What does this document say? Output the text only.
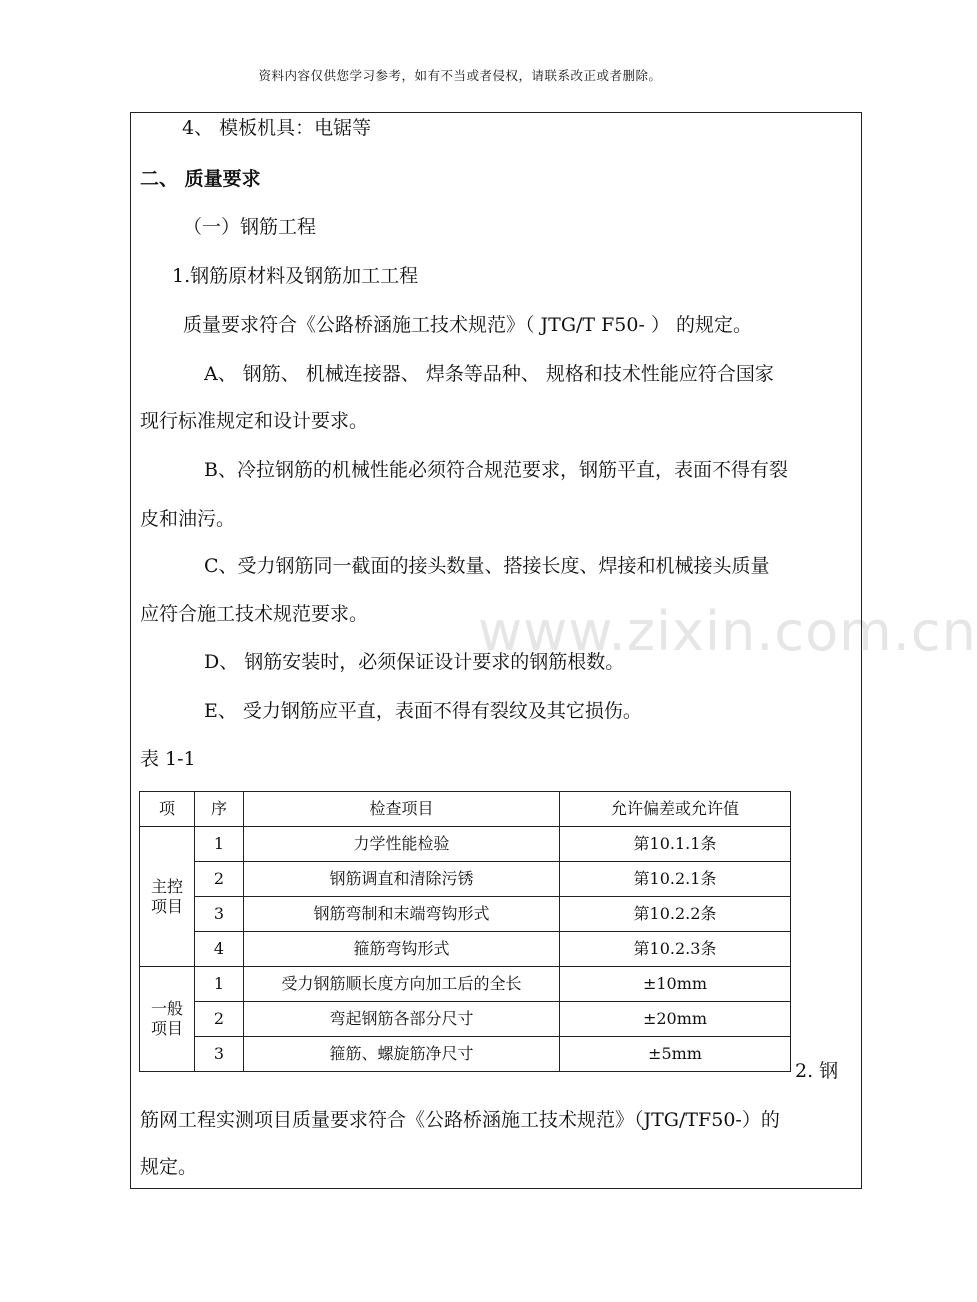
资料内容仅供您学习参考，如有不当或者侵权，请联系改正或者删除。
www.zixin.com.cn
4、 模板机具：电锯等
二、 质量要求
（一）钢筋工程
1.钢筋原材料及钢筋加工工程
质量要求符合《公路桥涵施工技术规范》（ JTG/T F50- ） 的规定。
A、 钢筋、 机械连接器、 焊条等品种、 规格和技术性能应符合国家
现行标准规定和设计要求。
B、冷拉钢筋的机械性能必须符合规范要求，钢筋平直，表面不得有裂
皮和油污。
C、受力钢筋同一截面的接头数量、搭接长度、焊接和机械接头质量
应符合施工技术规范要求。
D、 钢筋安装时，必须保证设计要求的钢筋根数。
E、 受力钢筋应平直，表面不得有裂纹及其它损伤。
表 1-1
项	序	检查项目	允许偏差或允许值
主控
项目	1	力学性能检验	第10.1.1条
	2	钢筋调直和清除污锈	第10.2.1条
	3	钢筋弯制和末端弯钩形式	第10.2.2条
	4	箍筋弯钩形式	第10.2.3条
一般
项目	1	受力钢筋顺长度方向加工后的全长	±10mm
	2	弯起钢筋各部分尺寸	±20mm
	3	箍筋、螺旋筋净尺寸	±5mm
2. 钢
筋网工程实测项目质量要求符合《公路桥涵施工技术规范》（JTG/TF50-）的
规定。
